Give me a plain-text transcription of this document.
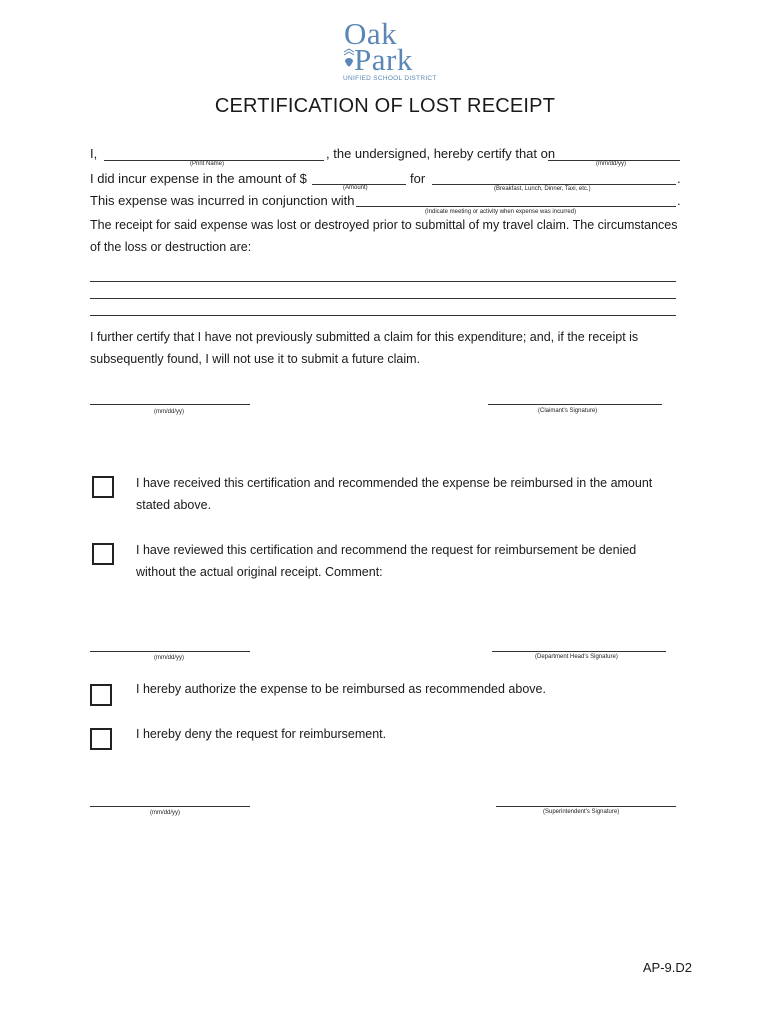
Oak
Park
UNIFIED SCHOOL DISTRICT
CERTIFICATION OF LOST RECEIPT
I,	, the undersigned, hereby certify that on
(Print Name)	(mm/dd/yy)
I did incur expense in the amount of $	for	.
(Amount)	(Breakfast, Lunch, Dinner, Taxi, etc.)
This expense was incurred in conjunction with	.
(Indicate meeting or activity when expense was incurred)
The receipt for said expense was lost or destroyed prior to submittal of my travel claim. The circumstances
of the loss or destruction are:
I further certify that I have not previously submitted a claim for this expenditure; and, if the receipt is
subsequently found, I will not use it to submit a future claim.
(mm/dd/yy)	(Claimant's Signature)
I have received this certification and recommended the expense be reimbursed in the amount
stated above.
I have reviewed this certification and recommend the request for reimbursement be denied
without the actual original receipt. Comment:
(mm/dd/yy)	(Department Head's Signature)
I hereby authorize the expense to be reimbursed as recommended above.
I hereby deny the request for reimbursement.
(mm/dd/yy)	(Superintendent's Signature)
AP-9.D2
